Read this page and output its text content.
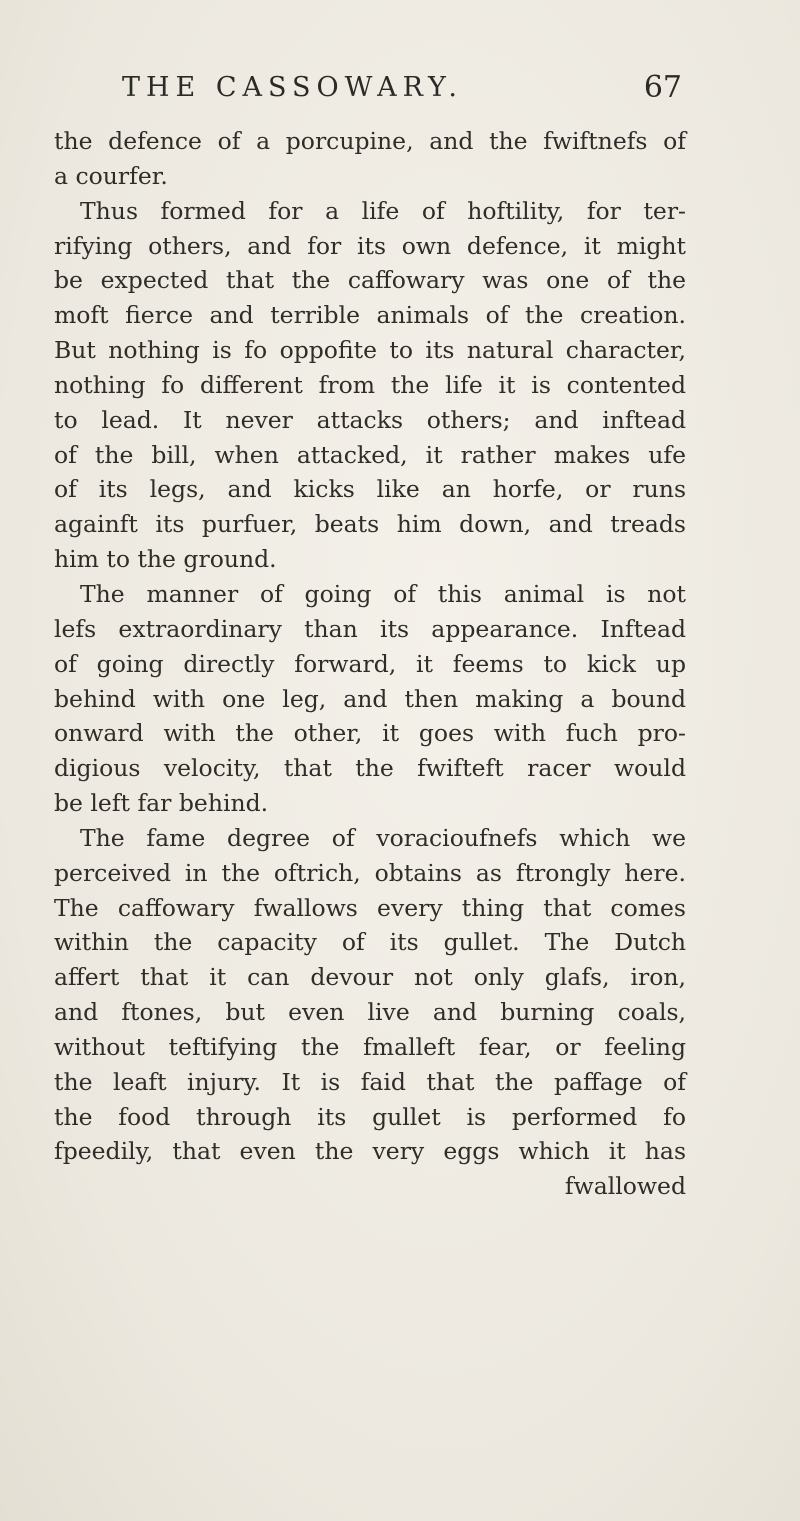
THE CASSOWARY.	67
the defence of a porcupine, and the fwiftnefs of
a courfer.
Thus formed for a life of hoftility, for ter-
rifying others, and for its own defence, it might
be expected that the caffowary was one of the
moft fierce and terrible animals of the creation.
But nothing is fo oppofite to its natural character,
nothing fo different from the life it is contented
to lead. It never attacks others; and inftead
of the bill, when attacked, it rather makes ufe
of its legs, and kicks like an horfe, or runs
againft its purfuer, beats him down, and treads
him to the ground.
The manner of going of this animal is not
lefs extraordinary than its appearance. Inftead
of going directly forward, it feems to kick up
behind with one leg, and then making a bound
onward with the other, it goes with fuch pro-
digious velocity, that the fwifteft racer would
be left far behind.
The fame degree of voracioufnefs which we
perceived in the oftrich, obtains as ftrongly here.
The caffowary fwallows every thing that comes
within the capacity of its gullet. The Dutch
affert that it can devour not only glafs, iron,
and ftones, but even live and burning coals,
without teftifying the fmalleft fear, or feeling
the leaft injury. It is faid that the paffage of
the food through its gullet is performed fo
fpeedily, that even the very eggs which it has
fwallowed
